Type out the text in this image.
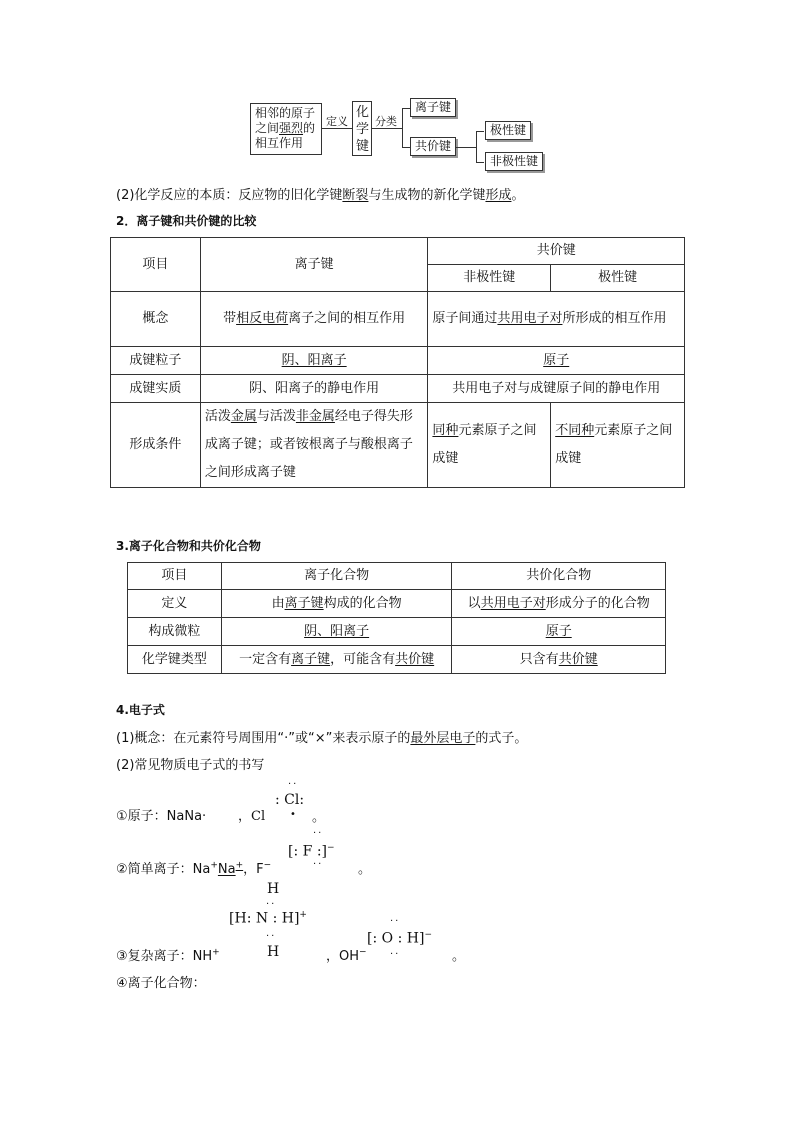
相邻的原子之间强烈的相互作用
定义
化学键
分类
离子键
共价键
极性键
非极性键
(2)化学反应的本质：反应物的旧化学键断裂与生成物的新化学键形成。
2．离子键和共价键的比较
项目	离子键	共价键	
		非极性键	极性键
概念	带相反电荷离子之间的相互作用	原子间通过共用电子对所形成的相互作用	
成键粒子	阴、阳离子	原子	
成键实质	阴、阳离子的静电作用	共用电子对与成键原子间的静电作用	
形成条件	活泼金属与活泼非金属经电子得失形成离子键；或者铵根离子与酸根离子之间形成离子键	同种元素原子之间成键	不同种元素原子之间成键
3.离子化合物和共价化合物
项目	离子化合物	共价化合物
定义	由离子键构成的化合物	以共用电子对形成分子的化合物
构成微粒	阴、阳离子	原子
化学键类型	一定含有离子键，可能含有共价键	只含有共价键
4.电子式
(1)概念：在元素符号周围用“·”或“×”来表示原子的最外层电子的式子。
(2)常见物质电子式的书写
①原子：NaNa· ，Cl
··
: Cl:
• 。
②简单离子：Na+Na+，F−
··
[: F :]−
··	。
H
··
[H: N : H]+
··
H
③复杂离子：NH+	，OH−
··
[: O : H]−
··	。
④离子化合物：
